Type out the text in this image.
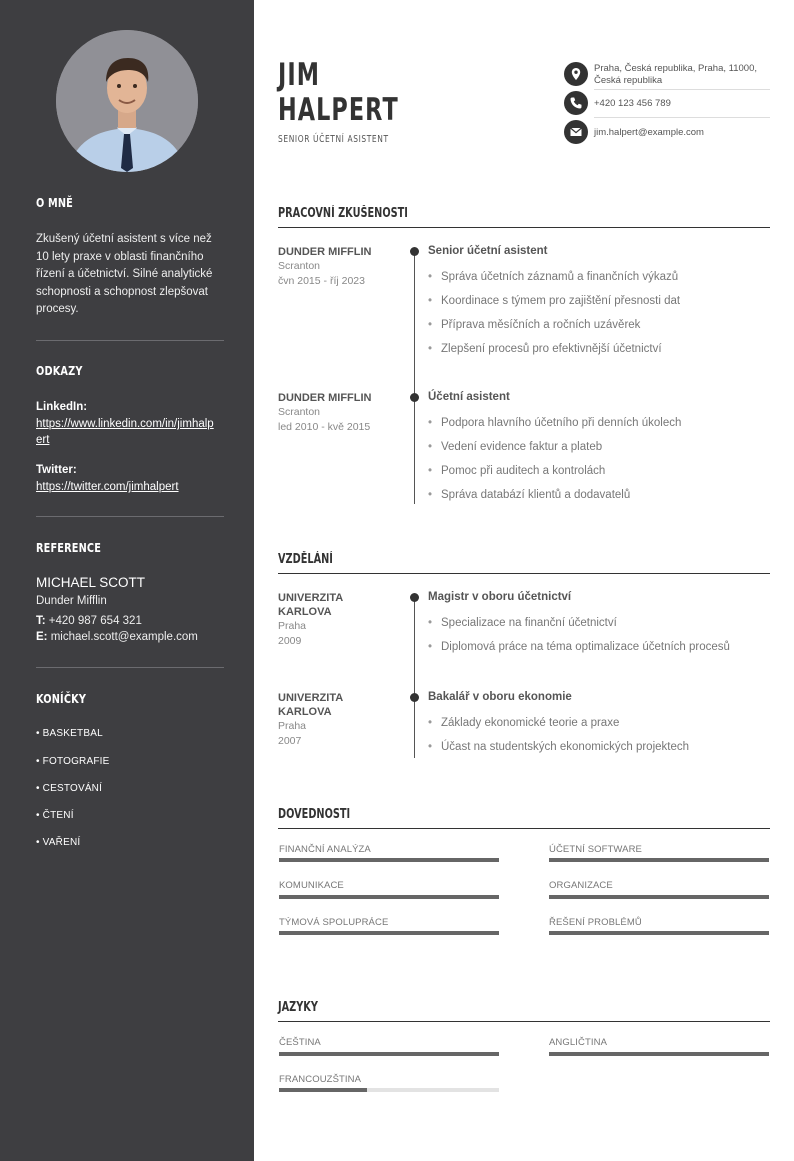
O MNĚ
Zkušený účetní asistent s více než 10 lety praxe v oblasti finančního řízení a účetnictví. Silné analytické schopnosti a schopnost zlepšovat procesy.
ODKAZY
LinkedIn:
https://www.linkedin.com/in/jimhalpert
Twitter:
https://twitter.com/jimhalpert
REFERENCE
MICHAEL SCOTT
Dunder Mifflin
T: +420 987 654 321
E: michael.scott@example.com
KONÍČKY
• BASKETBAL
• FOTOGRAFIE
• CESTOVÁNÍ
• ČTENÍ
• VAŘENÍ
JIM
HALPERT
SENIOR ÚČETNÍ ASISTENT
Praha, Česká republika, Praha, 11000, Česká republika
+420 123 456 789
jim.halpert@example.com
PRACOVNÍ ZKUŠENOSTI
DUNDER MIFFLIN
Scranton
čvn 2015 - říj 2023
Senior účetní asistent
• Správa účetních záznamů a finančních výkazů
• Koordinace s týmem pro zajištění přesnosti dat
• Příprava měsíčních a ročních uzávěrek
• Zlepšení procesů pro efektivnější účetnictví
DUNDER MIFFLIN
Scranton
led 2010 - kvě 2015
Účetní asistent
• Podpora hlavního účetního při denních úkolech
• Vedení evidence faktur a plateb
• Pomoc při auditech a kontrolách
• Správa databází klientů a dodavatelů
VZDĚLÁNÍ
UNIVERZITA KARLOVA
Praha
2009
Magistr v oboru účetnictví
• Specializace na finanční účetnictví
• Diplomová práce na téma optimalizace účetních procesů
UNIVERZITA KARLOVA
Praha
2007
Bakalář v oboru ekonomie
• Základy ekonomické teorie a praxe
• Účast na studentských ekonomických projektech
DOVEDNOSTI
FINANČNÍ ANALÝZA	ÚČETNÍ SOFTWARE
KOMUNIKACE	ORGANIZACE
TÝMOVÁ SPOLUPRÁCE	ŘEŠENÍ PROBLÉMŮ
JAZYKY
ČEŠTINA	ANGLIČTINA
FRANCOUZŠTINA
